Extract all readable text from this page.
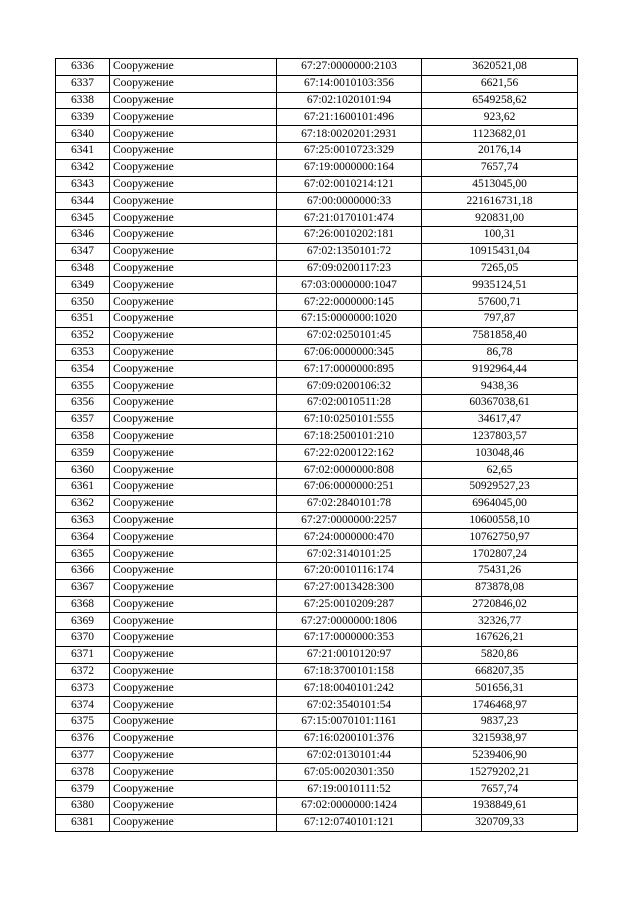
6336	Сооружение	67:27:0000000:2103	3620521,08
6337	Сооружение	67:14:0010103:356	6621,56
6338	Сооружение	67:02:1020101:94	6549258,62
6339	Сооружение	67:21:1600101:496	923,62
6340	Сооружение	67:18:0020201:2931	1123682,01
6341	Сооружение	67:25:0010723:329	20176,14
6342	Сооружение	67:19:0000000:164	7657,74
6343	Сооружение	67:02:0010214:121	4513045,00
6344	Сооружение	67:00:0000000:33	221616731,18
6345	Сооружение	67:21:0170101:474	920831,00
6346	Сооружение	67:26:0010202:181	100,31
6347	Сооружение	67:02:1350101:72	10915431,04
6348	Сооружение	67:09:0200117:23	7265,05
6349	Сооружение	67:03:0000000:1047	9935124,51
6350	Сооружение	67:22:0000000:145	57600,71
6351	Сооружение	67:15:0000000:1020	797,87
6352	Сооружение	67:02:0250101:45	7581858,40
6353	Сооружение	67:06:0000000:345	86,78
6354	Сооружение	67:17:0000000:895	9192964,44
6355	Сооружение	67:09:0200106:32	9438,36
6356	Сооружение	67:02:0010511:28	60367038,61
6357	Сооружение	67:10:0250101:555	34617,47
6358	Сооружение	67:18:2500101:210	1237803,57
6359	Сооружение	67:22:0200122:162	103048,46
6360	Сооружение	67:02:0000000:808	62,65
6361	Сооружение	67:06:0000000:251	50929527,23
6362	Сооружение	67:02:2840101:78	6964045,00
6363	Сооружение	67:27:0000000:2257	10600558,10
6364	Сооружение	67:24:0000000:470	10762750,97
6365	Сооружение	67:02:3140101:25	1702807,24
6366	Сооружение	67:20:0010116:174	75431,26
6367	Сооружение	67:27:0013428:300	873878,08
6368	Сооружение	67:25:0010209:287	2720846,02
6369	Сооружение	67:27:0000000:1806	32326,77
6370	Сооружение	67:17:0000000:353	167626,21
6371	Сооружение	67:21:0010120:97	5820,86
6372	Сооружение	67:18:3700101:158	668207,35
6373	Сооружение	67:18:0040101:242	501656,31
6374	Сооружение	67:02:3540101:54	1746468,97
6375	Сооружение	67:15:0070101:1161	9837,23
6376	Сооружение	67:16:0200101:376	3215938,97
6377	Сооружение	67:02:0130101:44	5239406,90
6378	Сооружение	67:05:0020301:350	15279202,21
6379	Сооружение	67:19:0010111:52	7657,74
6380	Сооружение	67:02:0000000:1424	1938849,61
6381	Сооружение	67:12:0740101:121	320709,33
